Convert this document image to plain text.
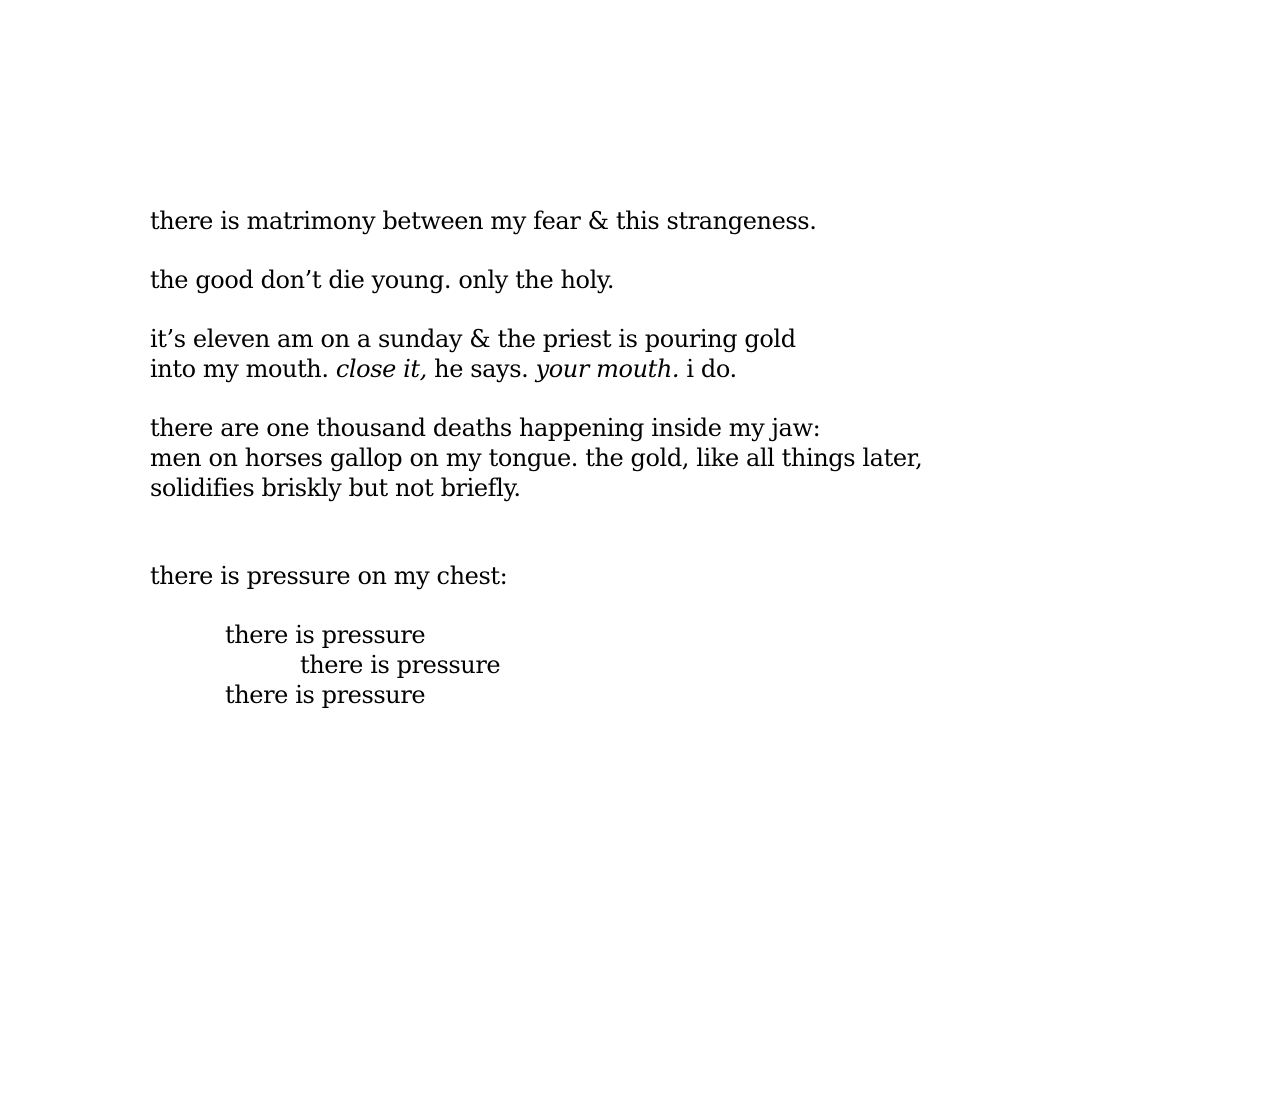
there is matrimony between my fear & this strangeness.
the good don’t die young. only the holy.
it’s eleven am on a sunday & the priest is pouring gold
into my mouth. close it, he says. your mouth. i do.
there are one thousand deaths happening inside my jaw:
men on horses gallop on my tongue. the gold, like all things later,
solidifies briskly but not briefly.
there is pressure on my chest:
there is pressure
there is pressure
there is pressure
